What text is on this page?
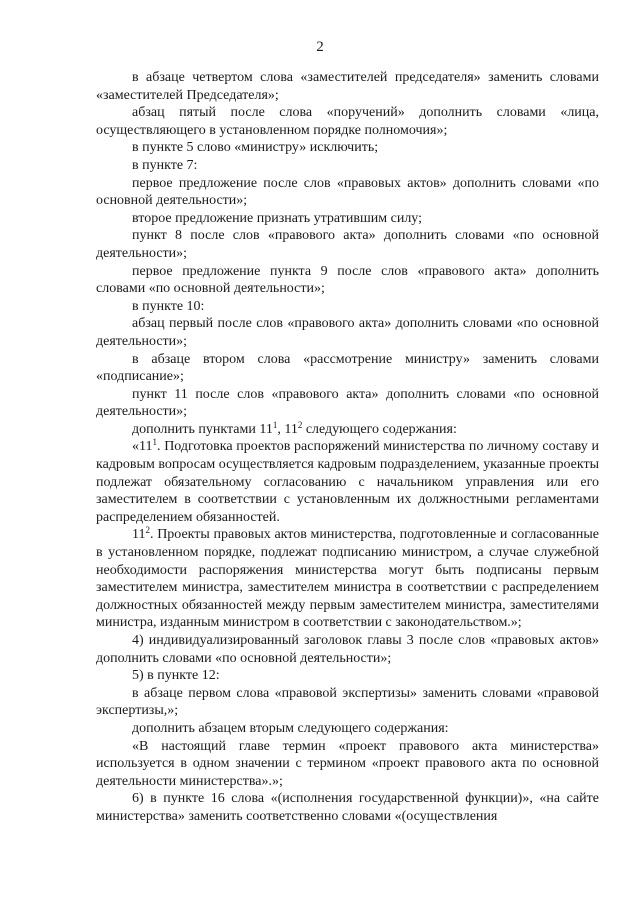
2

в абзаце четвертом слова «заместителей председателя» заменить словами «заместителей Председателя»;

абзац пятый после слова «поручений» дополнить словами «лица, осуществляющего в установленном порядке полномочия»;

в пункте 5 слово «министру» исключить;

в пункте 7:

первое предложение после слов «правовых актов» дополнить словами «по основной деятельности»;

второе предложение признать утратившим силу;

пункт 8 после слов «правового акта» дополнить словами «по основной деятельности»;

первое предложение пункта 9 после слов «правового акта» дополнить словами «по основной деятельности»;

в пункте 10:

абзац первый после слов «правового акта» дополнить словами «по основной деятельности»;

в абзаце втором слова «рассмотрение министру» заменить словами «подписание»;

пункт 11 после слов «правового акта» дополнить словами «по основной деятельности»;

дополнить пунктами $11^1$, $11^2$ следующего содержания:

«$11^1$. Подготовка проектов распоряжений министерства по личному составу и кадровым вопросам осуществляется кадровым подразделением, указанные проекты подлежат обязательному согласованию с начальником управления или его заместителем в соответствии с установленным их должностными регламентами распределением обязанностей.

$11^2$. Проекты правовых актов министерства, подготовленные и согласованные в установленном порядке, подлежат подписанию министром, а случае служебной необходимости распоряжения министерства могут быть подписаны первым заместителем министра, заместителем министра в соответствии с распределением должностных обязанностей между первым заместителем министра, заместителями министра, изданным министром в соответствии с законодательством.»;

4) индивидуализированный заголовок главы 3 после слов «правовых актов» дополнить словами «по основной деятельности»;

5) в пункте 12:

в абзаце первом слова «правовой экспертизы» заменить словами «правовой экспертизы,»;

дополнить абзацем вторым следующего содержания:

«В настоящий главе термин «проект правового акта министерства» используется в одном значении с термином «проект правового акта по основной деятельности министерства».»;

6) в пункте 16 слова «(исполнения государственной функции)», «на сайте министерства» заменить соответственно словами «(осуществления
